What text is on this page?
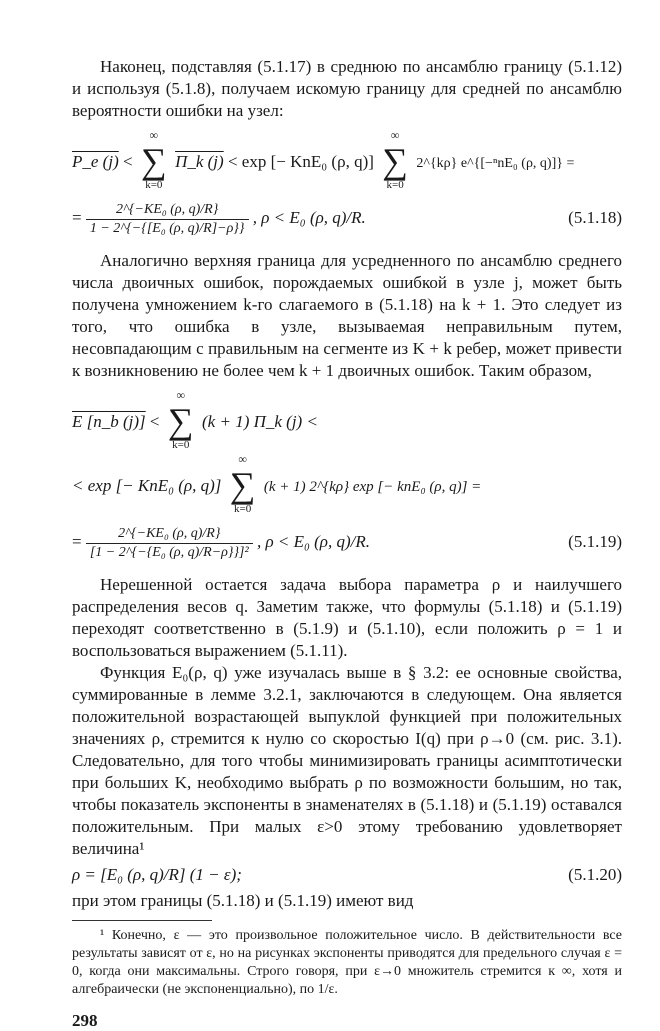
Наконец, подставляя (5.1.17) в среднюю по ансамблю границу (5.1.12) и используя (5.1.8), получаем искомую границу для средней по ансамблю вероятности ошибки на узел:

P_e (j) <
∞
∑
k=0
Π_k (j) < exp [− KnE₀ (ρ, q)]
∞
∑
k=0
2^{kρ} e^{[−ⁿnE₀ (ρ, q)]} =
= $\frac{\text{2\textasciicircum{}\{−KE₀ (ρ, q)/R\}}}{\text{1 − 2\textasciicircum{}\{−\{[E₀ (ρ, q)/R]−ρ\}\}}}$ , ρ < E₀ (ρ, q)/R.	(5.1.18)

Аналогично верхняя граница для усредненного по ансамблю среднего числа двоичных ошибок, порождаемых ошибкой в узле j, может быть получена умножением k-го слагаемого в (5.1.18) на k + 1. Это следует из того, что ошибка в узле, вызываемая неправильным путем, несовпадающим с правильным на сегменте из K + k ребер, может привести к возникновению не более чем k + 1 двоичных ошибок. Таким образом,

E [n_b (j)] <
∞
∑
k=0
(k + 1) Π_k (j) <
< exp [− KnE₀ (ρ, q)]
∞
∑
k=0
(k + 1) 2^{kρ} exp [− knE₀ (ρ, q)] =
= $\frac{\text{2\textasciicircum{}\{−KE₀ (ρ, q)/R\}}}{\text{[1 − 2\textasciicircum{}\{−\{E₀ (ρ, q)/R−ρ\}\}]²}}$ , ρ < E₀ (ρ, q)/R.	(5.1.19)

Нерешенной остается задача выбора параметра ρ и наилучшего распределения весов q. Заметим также, что формулы (5.1.18) и (5.1.19) переходят соответственно в (5.1.9) и (5.1.10), если положить ρ = 1 и воспользоваться выражением (5.1.11).

Функция E₀(ρ, q) уже изучалась выше в § 3.2: ее основные свойства, суммированные в лемме 3.2.1, заключаются в следующем. Она является положительной возрастающей выпуклой функцией при положительных значениях ρ, стремится к нулю со скоростью I(q) при ρ→0 (см. рис. 3.1). Следовательно, для того чтобы минимизировать границы асимптотически при больших K, необходимо выбрать ρ по возможности большим, но так, чтобы показатель экспоненты в знаменателях в (5.1.18) и (5.1.19) оставался положительным. При малых ε>0 этому требованию удовлетворяет величина¹

ρ = [E₀ (ρ, q)/R] (1 − ε);	(5.1.20)

при этом границы (5.1.18) и (5.1.19) имеют вид

¹ Конечно, ε — это произвольное положительное число. В действительности все результаты зависят от ε, но на рисунках экспоненты приводятся для предельного случая ε = 0, когда они максимальны. Строго говоря, при ε→0 множитель стремится к ∞, хотя и алгебраически (не экспоненциально), по 1/ε.

298
